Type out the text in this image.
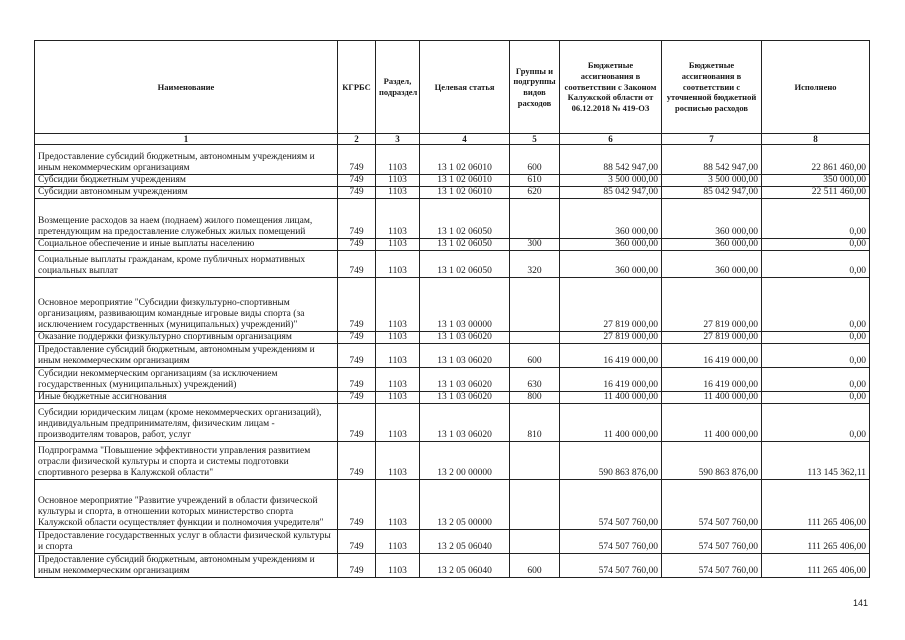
Наименование	КГРБС	Раздел, подраздел	Целевая статья	Группы и подгруппы видов расходов	Бюджетные ассигнования в соответствии с Законом Калужской области от 06.12.2018 № 419-ОЗ	Бюджетные ассигнования в соответствии с уточненной бюджетной росписью расходов	Исполнено
1	2	3	4	5	6	7	8
Предоставление субсидий бюджетным, автономным учреждениям и иным некоммерческим организациям	749	1103	13 1 02 06010	600	88 542 947,00	88 542 947,00	22 861 460,00
Субсидии бюджетным учреждениям	749	1103	13 1 02 06010	610	3 500 000,00	3 500 000,00	350 000,00
Субсидии автономным учреждениям	749	1103	13 1 02 06010	620	85 042 947,00	85 042 947,00	22 511 460,00
Возмещение расходов за наем (поднаем) жилого помещения лицам, претендующим на предоставление служебных жилых помещений	749	1103	13 1 02 06050		360 000,00	360 000,00	0,00
Социальное обеспечение и иные выплаты населению	749	1103	13 1 02 06050	300	360 000,00	360 000,00	0,00
Социальные выплаты гражданам, кроме публичных нормативных социальных выплат	749	1103	13 1 02 06050	320	360 000,00	360 000,00	0,00
Основное мероприятие "Субсидии физкультурно-спортивным организациям, развивающим командные игровые виды спорта (за исключением государственных (муниципальных) учреждений)"	749	1103	13 1 03 00000		27 819 000,00	27 819 000,00	0,00
Оказание поддержки физкультурно спортивным организациям	749	1103	13 1 03 06020		27 819 000,00	27 819 000,00	0,00
Предоставление субсидий бюджетным, автономным учреждениям и иным некоммерческим организациям	749	1103	13 1 03 06020	600	16 419 000,00	16 419 000,00	0,00
Субсидии некоммерческим организациям (за исключением государственных (муниципальных) учреждений)	749	1103	13 1 03 06020	630	16 419 000,00	16 419 000,00	0,00
Иные бюджетные ассигнования	749	1103	13 1 03 06020	800	11 400 000,00	11 400 000,00	0,00
Субсидии юридическим лицам (кроме некоммерческих организаций), индивидуальным предпринимателям, физическим лицам - производителям товаров, работ, услуг	749	1103	13 1 03 06020	810	11 400 000,00	11 400 000,00	0,00
Подпрограмма "Повышение эффективности управления развитием отрасли физической культуры и спорта и системы подготовки спортивного резерва в Калужской области"	749	1103	13 2 00 00000		590 863 876,00	590 863 876,00	113 145 362,11
Основное мероприятие "Развитие учреждений в области физической культуры и спорта, в отношении которых министерство спорта Калужской области осуществляет функции и полномочия учредителя"	749	1103	13 2 05 00000		574 507 760,00	574 507 760,00	111 265 406,00
Предоставление государственных услуг в области физической культуры и спорта	749	1103	13 2 05 06040		574 507 760,00	574 507 760,00	111 265 406,00
Предоставление субсидий бюджетным, автономным учреждениям и иным некоммерческим организациям	749	1103	13 2 05 06040	600	574 507 760,00	574 507 760,00	111 265 406,00
141
